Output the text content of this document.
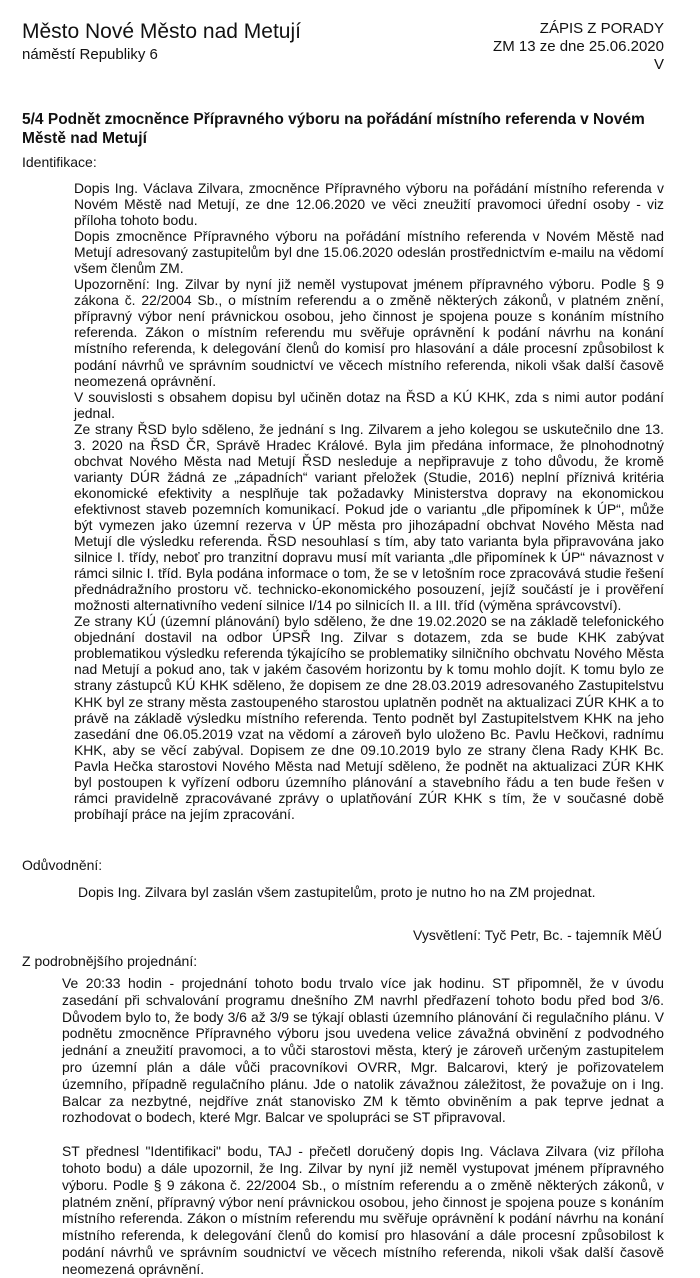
Město Nové Město nad Metují
náměstí Republiky 6
ZÁPIS Z PORADY
ZM 13 ze dne 25.06.2020
V
5/4 Podnět zmocněnce Přípravného výboru na pořádání místního referenda v Novém Městě nad Metují
Identifikace:

Dopis Ing. Václava Zilvara, zmocněnce Přípravného výboru na pořádání místního referenda v Novém Městě nad Metují, ze dne 12.06.2020 ve věci zneužití pravomoci úřední osoby - viz příloha tohoto bodu.

Dopis zmocněnce Přípravného výboru na pořádání místního referenda v Novém Městě nad Metují adresovaný zastupitelům byl dne 15.06.2020 odeslán prostřednictvím e-mailu na vědomí všem členům ZM.

Upozornění: Ing. Zilvar by nyní již neměl vystupovat jménem přípravného výboru. Podle § 9 zákona č. 22/2004 Sb., o místním referendu a o změně některých zákonů, v platném znění, přípravný výbor není právnickou osobou, jeho činnost je spojena pouze s konáním místního referenda. Zákon o místním referendu mu svěřuje oprávnění k podání návrhu na konání místního referenda, k delegování členů do komisí pro hlasování a dále procesní způsobilost k podání návrhů ve správním soudnictví ve věcech místního referenda, nikoli však další časově neomezená oprávnění.

V souvislosti s obsahem dopisu byl učiněn dotaz na ŘSD a KÚ KHK, zda s nimi autor podání jednal.

Ze strany ŘSD bylo sděleno, že jednání s Ing. Zilvarem a jeho kolegou se uskutečnilo dne 13. 3. 2020 na ŘSD ČR, Správě Hradec Králové. Byla jim předána informace, že plnohodnotný obchvat Nového Města nad Metují ŘSD nesleduje a nepřipravuje z toho důvodu, že kromě varianty DÚR žádná ze „západních“ variant přeložek (Studie, 2016) neplní příznivá kritéria ekonomické efektivity a nesplňuje tak požadavky Ministerstva dopravy na ekonomickou efektivnost staveb pozemních komunikací. Pokud jde o variantu „dle připomínek k ÚP“, může být vymezen jako územní rezerva v ÚP města pro jihozápadní obchvat Nového Města nad Metují dle výsledku referenda. ŘSD nesouhlasí s tím, aby tato varianta byla připravována jako silnice I. třídy, neboť pro tranzitní dopravu musí mít varianta „dle připomínek k ÚP“ návaznost v rámci silnic I. tříd. Byla podána informace o tom, že se v letošním roce zpracovává studie řešení přednádražního prostoru vč. technicko-ekonomického posouzení, jejíž součástí je i prověření možnosti alternativního vedení silnice I/14 po silnicích II. a III. tříd (výměna správcovství).

Ze strany KÚ (územní plánování) bylo sděleno, že dne 19.02.2020 se na základě telefonického objednání dostavil na odbor ÚPSŘ Ing. Zilvar s dotazem, zda se bude KHK zabývat problematikou výsledku referenda týkajícího se problematiky silničního obchvatu Nového Města nad Metují a pokud ano, tak v jakém časovém horizontu by k tomu mohlo dojít. K tomu bylo ze strany zástupců KÚ KHK sděleno, že dopisem ze dne 28.03.2019 adresovaného Zastupitelstvu KHK byl ze strany města zastoupeného starostou uplatněn podnět na aktualizaci ZÚR KHK a to právě na základě výsledku místního referenda. Tento podnět byl Zastupitelstvem KHK na jeho zasedání dne 06.05.2019 vzat na vědomí a zároveň bylo uloženo Bc. Pavlu Hečkovi, radnímu KHK, aby se věcí zabýval. Dopisem ze dne 09.10.2019 bylo ze strany člena Rady KHK Bc. Pavla Hečka starostovi Nového Města nad Metují sděleno, že podnět na aktualizaci ZÚR KHK byl postoupen k vyřízení odboru územního plánování a stavebního řádu a ten bude řešen v rámci pravidelně zpracovávané zprávy o uplatňování ZÚR KHK s tím, že v současné době probíhají práce na jejím zpracování.

Odůvodnění:
Dopis Ing. Zilvara byl zaslán všem zastupitelům, proto je nutno ho na ZM projednat.
Vysvětlení: Tyč Petr, Bc. - tajemník MěÚ
Z podrobnějšího projednání:

Ve 20:33 hodin - projednání tohoto bodu trvalo více jak hodinu. ST připomněl, že v úvodu zasedání při schvalování programu dnešního ZM navrhl předřazení tohoto bodu před bod 3/6. Důvodem bylo to, že body 3/6 až 3/9 se týkají oblasti územního plánování či regulačního plánu. V podnětu zmocněnce Přípravného výboru jsou uvedena velice závažná obvinění z podvodného jednání a zneužití pravomoci, a to vůči starostovi města, který je zároveň určeným zastupitelem pro územní plán a dále vůči pracovníkovi OVRR, Mgr. Balcarovi, který je pořizovatelem územního, případně regulačního plánu. Jde o natolik závažnou záležitost, že považuje on i Ing. Balcar za nezbytné, nejdříve znát stanovisko ZM k těmto obviněním a pak teprve jednat a rozhodovat o bodech, které Mgr. Balcar ve spolupráci se ST připravoval.

ST přednesl "Identifikaci" bodu, TAJ - přečetl doručený dopis Ing. Václava Zilvara (viz příloha tohoto bodu) a dále upozornil, že Ing. Zilvar by nyní již neměl vystupovat jménem přípravného výboru. Podle § 9 zákona č. 22/2004 Sb., o místním referendu a o změně některých zákonů, v platném znění, přípravný výbor není právnickou osobou, jeho činnost je spojena pouze s konáním místního referenda. Zákon o místním referendu mu svěřuje oprávnění k podání návrhu na konání místního referenda, k delegování členů do komisí pro hlasování a dále procesní způsobilost k podání návrhů ve správním soudnictví ve věcech místního referenda, nikoli však další časově neomezená oprávnění.
